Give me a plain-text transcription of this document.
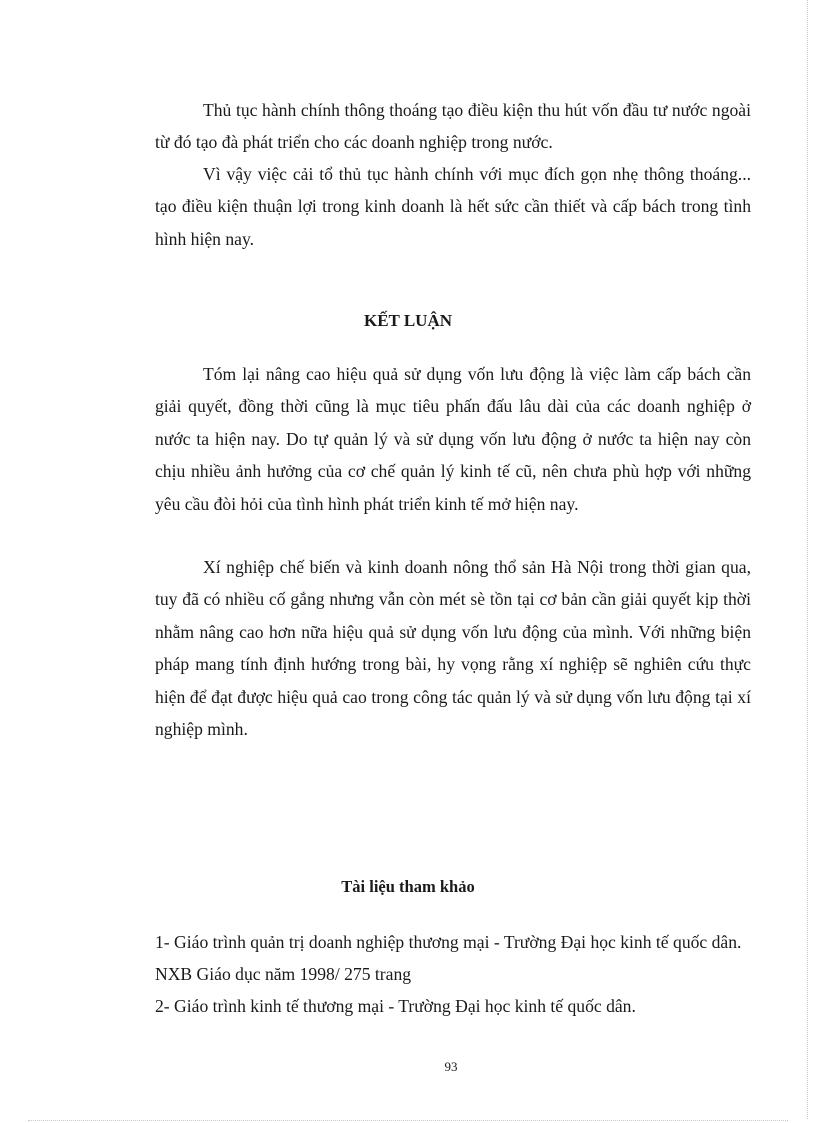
Thủ tục hành chính thông thoáng tạo điều kiện thu hút vốn đầu tư nước ngoài từ đó tạo đà phát triển cho các doanh nghiệp trong nước.

Vì vậy việc cải tổ thủ tục hành chính với mục đích gọn nhẹ thông thoáng... tạo điều kiện thuận lợi trong kinh doanh là hết sức cần thiết và cấp bách trong tình hình hiện nay.

KẾT LUẬN

Tóm lại nâng cao hiệu quả sử dụng vốn lưu động là việc làm cấp bách cần giải quyết, đồng thời cũng là mục tiêu phấn đấu lâu dài của các doanh nghiệp ở nước ta hiện nay. Do tự quản lý và sử dụng vốn lưu động ở nước ta hiện nay còn chịu nhiều ảnh hưởng của cơ chế quản lý kinh tế cũ, nên chưa phù hợp với những yêu cầu đòi hỏi của tình hình phát triển kinh tế mở hiện nay.

Xí nghiệp chế biến và kinh doanh nông thổ sản Hà Nội trong thời gian qua, tuy đã có nhiều cố gắng nhưng vẫn còn mét sè tồn tại cơ bản cần giải quyết kịp thời nhằm nâng cao hơn nữa hiệu quả sử dụng vốn lưu động của mình. Với những biện pháp mang tính định hướng trong bài, hy vọng rằng xí nghiệp sẽ nghiên cứu thực hiện để đạt được hiệu quả cao trong công tác quản lý và sử dụng vốn lưu động tại xí nghiệp mình.

Tài liệu tham khảo

1- Giáo trình quản trị doanh nghiệp thương mại - Trường Đại học kinh tế quốc dân. NXB Giáo dục năm 1998/ 275 trang

2- Giáo trình kinh tế thương mại - Trường Đại học kinh tế quốc dân.

93
